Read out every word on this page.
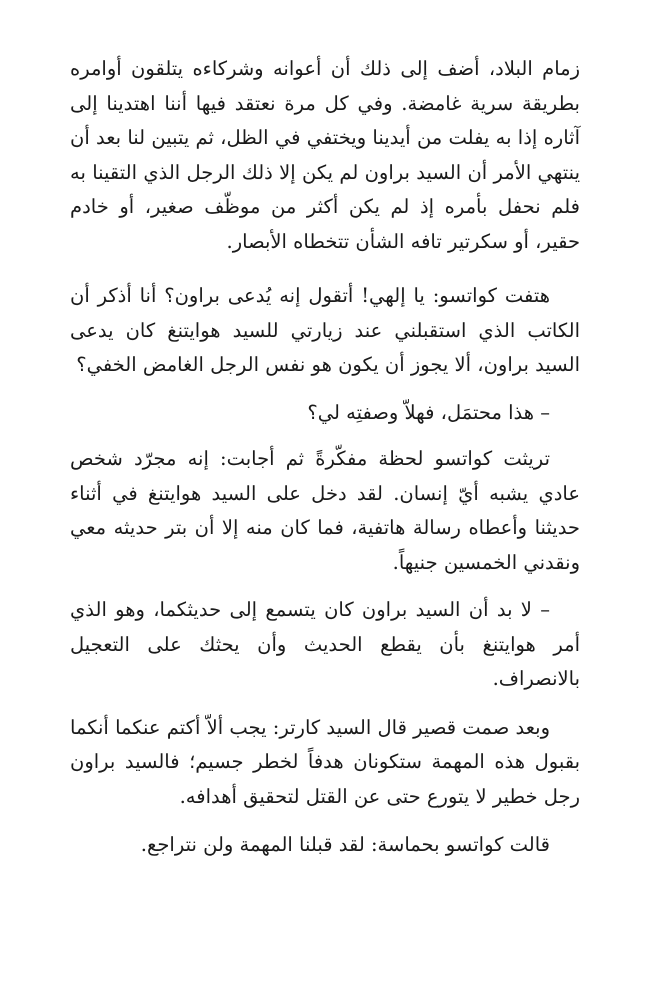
زمام البلاد، أضف إلى ذلك أن أعوانه وشركاءه يتلقون أوامره بطريقة سرية غامضة. وفي كل مرة نعتقد فيها أننا اهتدينا إلى آثاره إذا به يفلت من أيدينا ويختفي في الظل، ثم يتبين لنا بعد أن ينتهي الأمر أن السيد براون لم يكن إلا ذلك الرجل الذي التقينا به فلم نحفل بأمره إذ لم يكن أكثر من موظّف صغير، أو خادم حقير، أو سكرتير تافه الشأن تتخطاه الأبصار.

هتفت كواتسو: يا إلهي! أتقول إنه يُدعى براون؟ أنا أذكر أن الكاتب الذي استقبلني عند زيارتي للسيد هوايتنغ كان يدعى السيد براون، ألا يجوز أن يكون هو نفس الرجل الغامض الخفي؟

– هذا محتمَل، فهلاّ وصفتِه لي؟

تريثت كواتسو لحظة مفكّرةً ثم أجابت: إنه مجرّد شخص عادي يشبه أيّ إنسان. لقد دخل على السيد هوايتنغ في أثناء حديثنا وأعطاه رسالة هاتفية، فما كان منه إلا أن بتر حديثه معي ونقدني الخمسين جنيهاً.

– لا بد أن السيد براون كان يتسمع إلى حديثكما، وهو الذي أمر هوايتنغ بأن يقطع الحديث وأن يحثك على التعجيل بالانصراف.

وبعد صمت قصير قال السيد كارتر: يجب ألاّ أكتم عنكما أنكما بقبول هذه المهمة ستكونان هدفاً لخطر جسيم؛ فالسيد براون رجل خطير لا يتورع حتى عن القتل لتحقيق أهدافه.

قالت كواتسو بحماسة: لقد قبلنا المهمة ولن نتراجع.
